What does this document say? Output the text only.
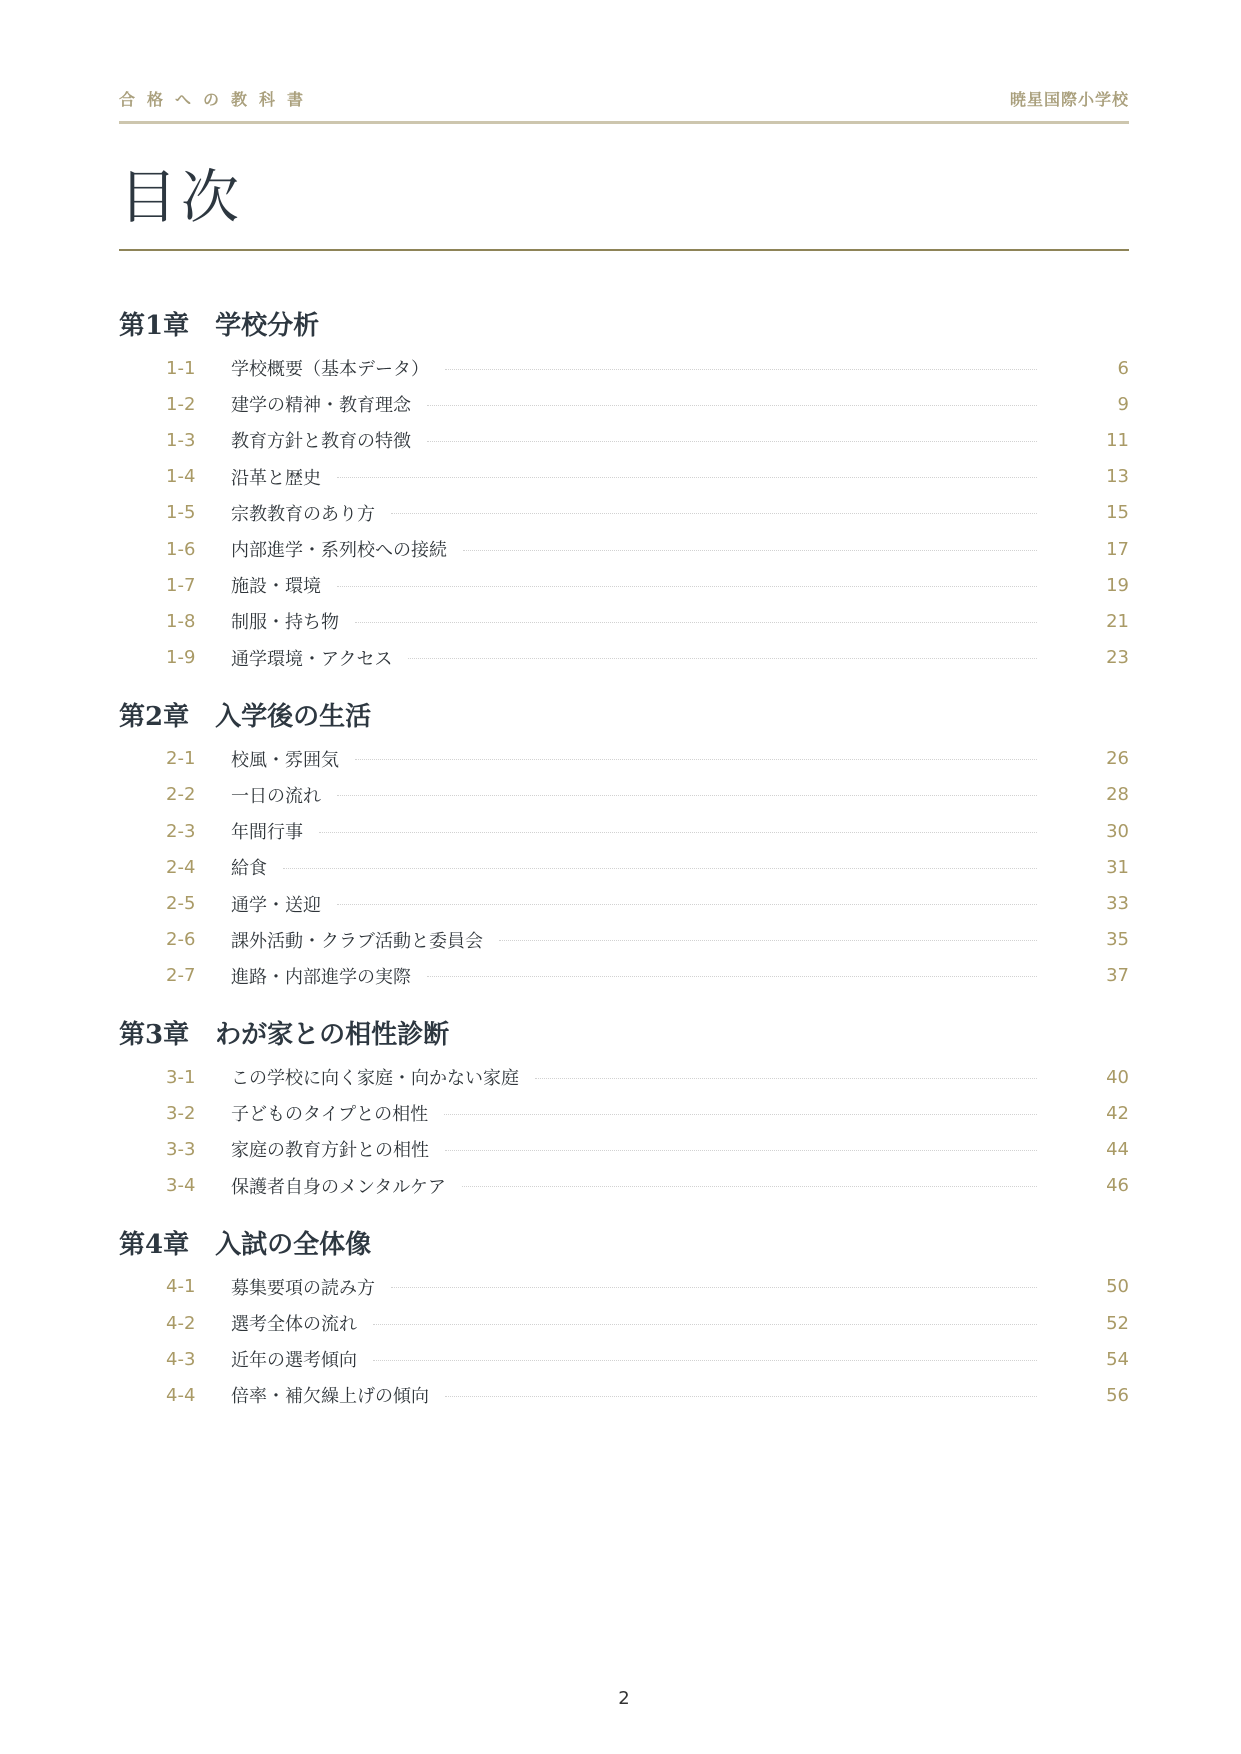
合格への教科書	暁星国際小学校
目次
第1章 学校分析
1-1	学校概要（基本データ）	6
1-2	建学の精神・教育理念	9
1-3	教育方針と教育の特徴	11
1-4	沿革と歴史	13
1-5	宗教教育のあり方	15
1-6	内部進学・系列校への接続	17
1-7	施設・環境	19
1-8	制服・持ち物	21
1-9	通学環境・アクセス	23
第2章 入学後の生活
2-1	校風・雰囲気	26
2-2	一日の流れ	28
2-3	年間行事	30
2-4	給食	31
2-5	通学・送迎	33
2-6	課外活動・クラブ活動と委員会	35
2-7	進路・内部進学の実際	37
第3章 わが家との相性診断
3-1	この学校に向く家庭・向かない家庭	40
3-2	子どものタイプとの相性	42
3-3	家庭の教育方針との相性	44
3-4	保護者自身のメンタルケア	46
第4章 入試の全体像
4-1	募集要項の読み方	50
4-2	選考全体の流れ	52
4-3	近年の選考傾向	54
4-4	倍率・補欠繰上げの傾向	56
2
